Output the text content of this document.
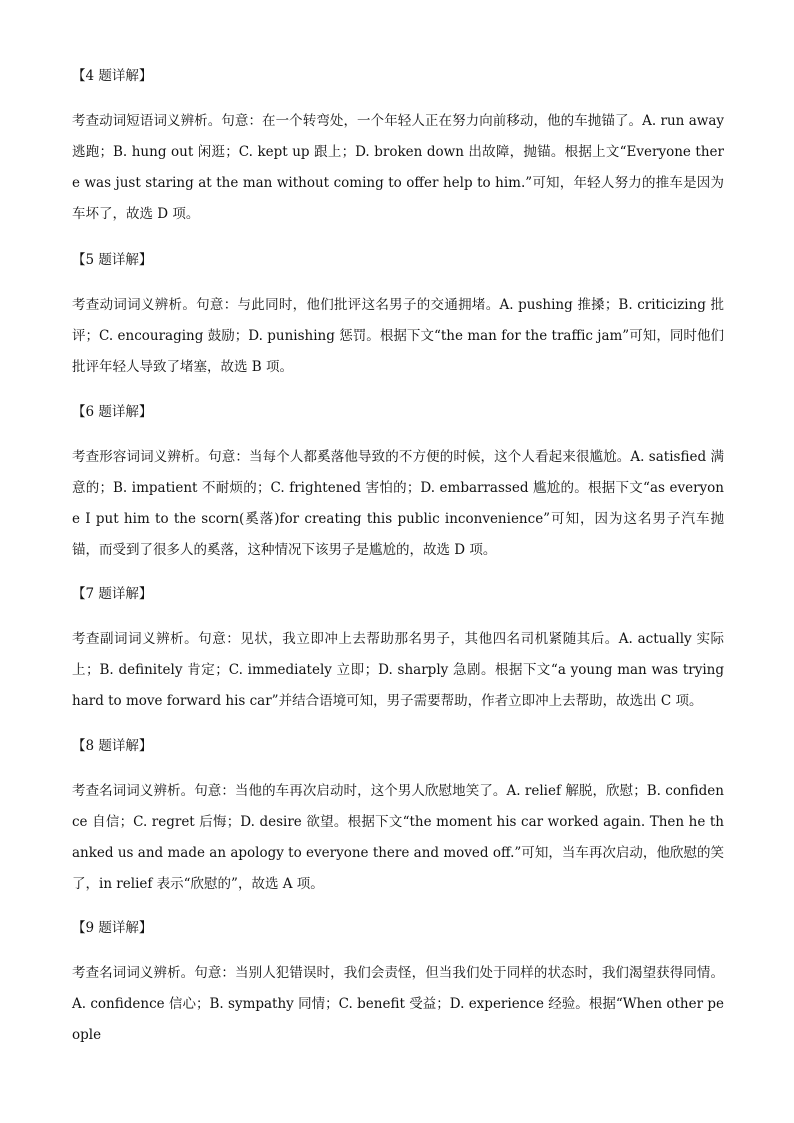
【4 题详解】

考查动词短语词义辨析。句意：在一个转弯处，一个年轻人正在努力向前移动，他的车抛锚了。A. run away 逃跑；B. hung out 闲逛；C. kept up 跟上；D. broken down 出故障，抛锚。根据上文“Everyone there was just staring at the man without coming to offer help to him.”可知，年轻人努力的推车是因为车坏了，故选 D 项。

【5 题详解】

考查动词词义辨析。句意：与此同时，他们批评这名男子的交通拥堵。A. pushing 推搡；B. criticizing 批评；C. encouraging 鼓励；D. punishing 惩罚。根据下文“the man for the traffic jam”可知，同时他们批评年轻人导致了堵塞，故选 B 项。

【6 题详解】

考查形容词词义辨析。句意：当每个人都奚落他导致的不方便的时候，这个人看起来很尴尬。A. satisfied 满意的；B. impatient 不耐烦的；C. frightened 害怕的；D. embarrassed 尴尬的。根据下文“as everyone I put him to the scorn(奚落)for creating this public inconvenience”可知，因为这名男子汽车抛锚，而受到了很多人的奚落，这种情况下该男子是尴尬的，故选 D 项。

【7 题详解】

考查副词词义辨析。句意：见状，我立即冲上去帮助那名男子，其他四名司机紧随其后。A. actually 实际上；B. definitely 肯定；C. immediately 立即；D. sharply 急剧。根据下文“a young man was trying hard to move forward his car”并结合语境可知，男子需要帮助，作者立即冲上去帮助，故选出 C 项。

【8 题详解】

考查名词词义辨析。句意：当他的车再次启动时，这个男人欣慰地笑了。A. relief 解脱，欣慰；B. confidence 自信；C. regret 后悔；D. desire 欲望。根据下文“the moment his car worked again. Then he thanked us and made an apology to everyone there and moved off.”可知，当车再次启动，他欣慰的笑了，in relief 表示“欣慰的”，故选 A 项。

【9 题详解】

考查名词词义辨析。句意：当别人犯错误时，我们会责怪，但当我们处于同样的状态时，我们渴望获得同情。A. confidence 信心；B. sympathy 同情；C. benefit 受益；D. experience 经验。根据“When other people
